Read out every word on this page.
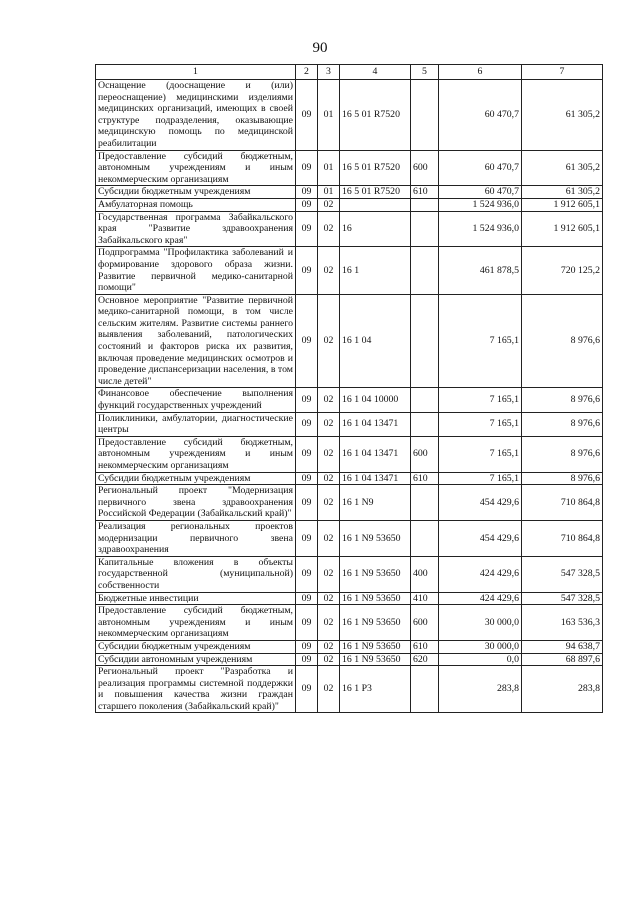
90
1	2	3	4	5	6	7
Оснащение (дооснащение и (или) переоснащение) медицинскими изделиями медицинских организаций, имеющих в своей структуре подразделения, оказывающие медицинскую помощь по медицинской реабилитации	09	01	16 5 01 R7520		60 470,7	61 305,2
Предоставление субсидий бюджетным, автономным учреждениям и иным некоммерческим организациям	09	01	16 5 01 R7520	600	60 470,7	61 305,2
Субсидии бюджетным учреждениям	09	01	16 5 01 R7520	610	60 470,7	61 305,2
Амбулаторная помощь	09	02			1 524 936,0	1 912 605,1
Государственная программа Забайкальского края "Развитие здравоохранения Забайкальского края"	09	02	16		1 524 936,0	1 912 605,1
Подпрограмма "Профилактика заболеваний и формирование здорового образа жизни. Развитие первичной медико-санитарной помощи"	09	02	16 1		461 878,5	720 125,2
Основное мероприятие "Развитие первичной медико-санитарной помощи, в том числе сельским жителям. Развитие системы раннего выявления заболеваний, патологических состояний и факторов риска их развития, включая проведение медицинских осмотров и проведение диспансеризации населения, в том числе детей"	09	02	16 1 04		7 165,1	8 976,6
Финансовое обеспечение выполнения функций государственных учреждений	09	02	16 1 04 10000		7 165,1	8 976,6
Поликлиники, амбулатории, диагностические центры	09	02	16 1 04 13471		7 165,1	8 976,6
Предоставление субсидий бюджетным, автономным учреждениям и иным некоммерческим организациям	09	02	16 1 04 13471	600	7 165,1	8 976,6
Субсидии бюджетным учреждениям	09	02	16 1 04 13471	610	7 165,1	8 976,6
Региональный проект "Модернизация первичного звена здравоохранения Российской Федерации (Забайкальский край)"	09	02	16 1 N9		454 429,6	710 864,8
Реализация региональных проектов модернизации первичного звена здравоохранения	09	02	16 1 N9 53650		454 429,6	710 864,8
Капитальные вложения в объекты государственной (муниципальной) собственности	09	02	16 1 N9 53650	400	424 429,6	547 328,5
Бюджетные инвестиции	09	02	16 1 N9 53650	410	424 429,6	547 328,5
Предоставление субсидий бюджетным, автономным учреждениям и иным некоммерческим организациям	09	02	16 1 N9 53650	600	30 000,0	163 536,3
Субсидии бюджетным учреждениям	09	02	16 1 N9 53650	610	30 000,0	94 638,7
Субсидии автономным учреждениям	09	02	16 1 N9 53650	620	0,0	68 897,6
Региональный проект "Разработка и реализация программы системной поддержки и повышения качества жизни граждан старшего поколения (Забайкальский край)"	09	02	16 1 P3		283,8	283,8
